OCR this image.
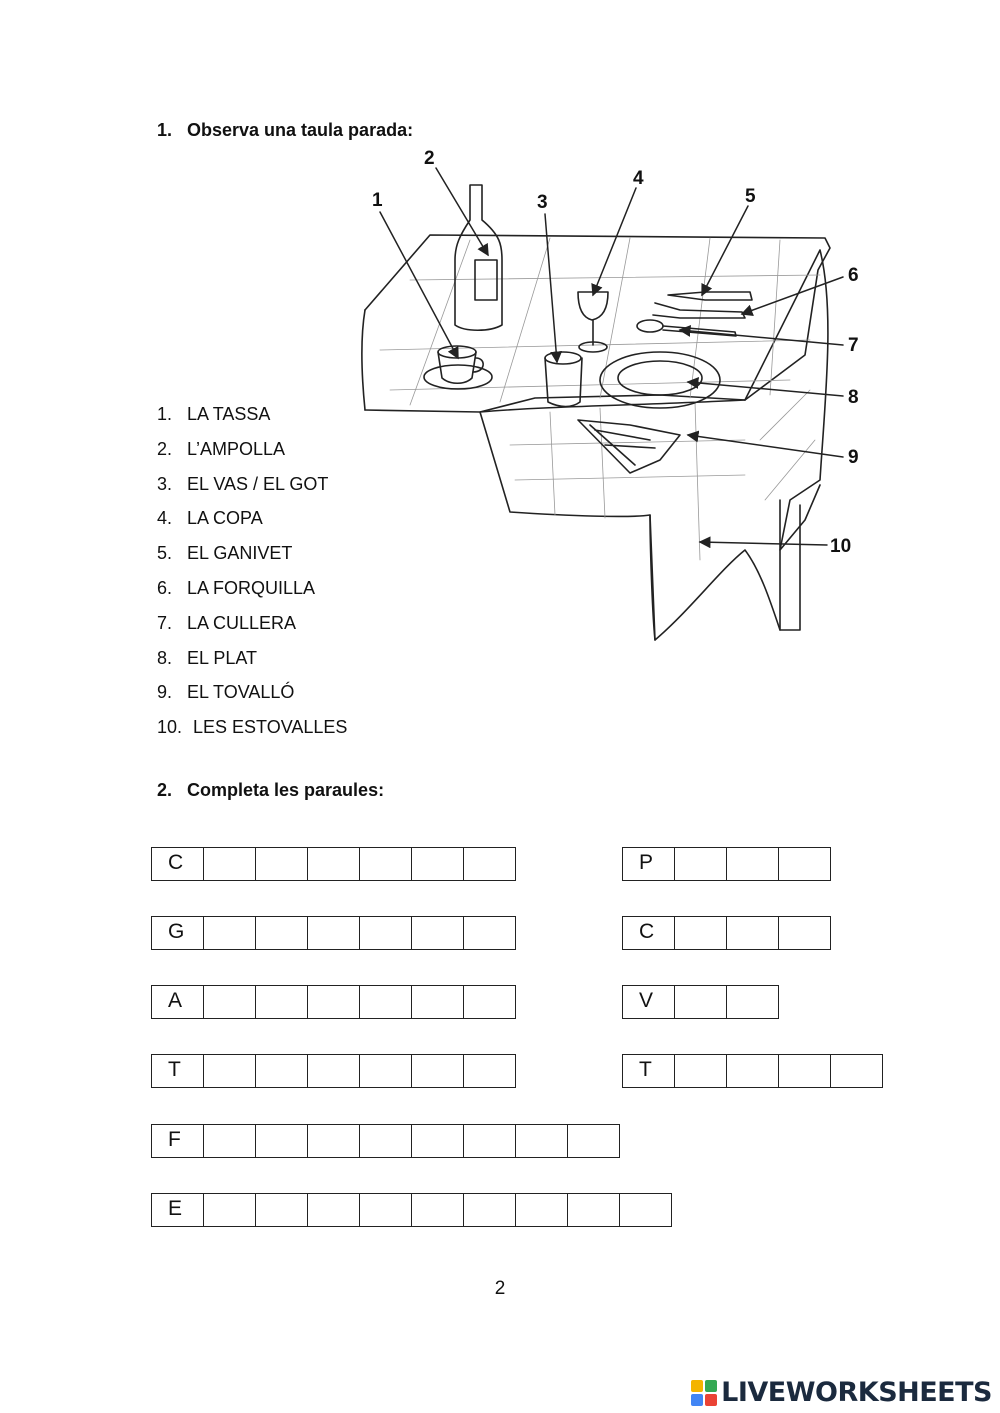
1. Observa una taula parada:

1. LA TASSA
2. L’AMPOLLA
3. EL VAS / EL GOT
4. LA COPA
5. EL GANIVET
6. LA FORQUILLA
7. LA CULLERA
8. EL PLAT
9. EL TOVALLÓ
10. LES ESTOVALLES
1
2
3
4
5
6
7
8
9
10

2. Completa les paraules:

C
G
A
T
F
E
P
C
V
T
2
LIVEWORKSHEETS
